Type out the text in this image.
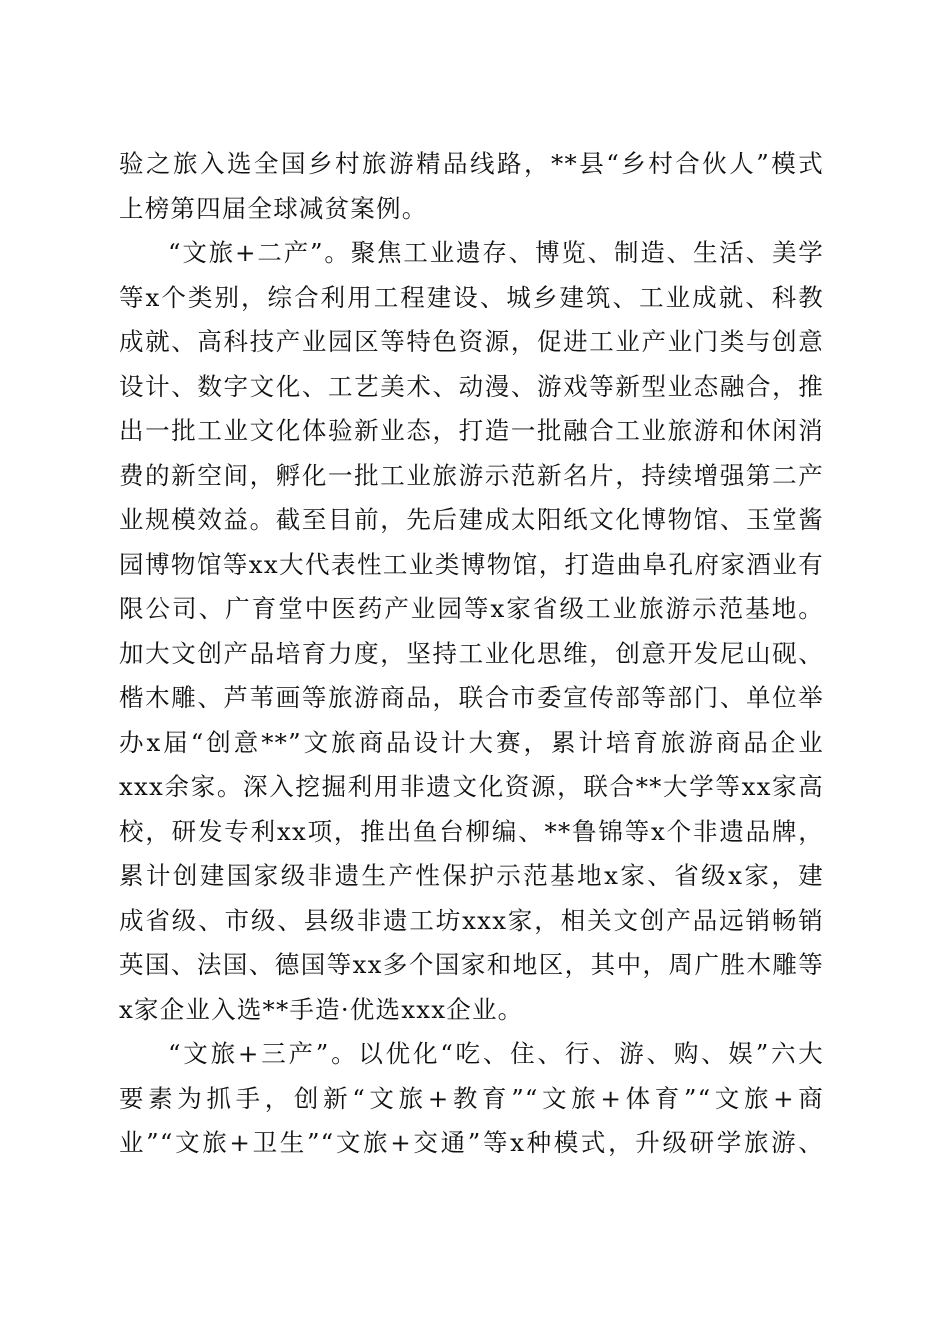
验之旅入选全国乡村旅游精品线路，**县“乡村合伙人”模式
上榜第四届全球减贫案例。
“文旅+二产”。聚焦工业遗存、博览、制造、生活、美学
等x个类别，综合利用工程建设、城乡建筑、工业成就、科教
成就、高科技产业园区等特色资源，促进工业产业门类与创意
设计、数字文化、工艺美术、动漫、游戏等新型业态融合，推
出一批工业文化体验新业态，打造一批融合工业旅游和休闲消
费的新空间，孵化一批工业旅游示范新名片，持续增强第二产
业规模效益。截至目前，先后建成太阳纸文化博物馆、玉堂酱
园博物馆等xx大代表性工业类博物馆，打造曲阜孔府家酒业有
限公司、广育堂中医药产业园等x家省级工业旅游示范基地。
加大文创产品培育力度，坚持工业化思维，创意开发尼山砚、
楷木雕、芦苇画等旅游商品，联合市委宣传部等部门、单位举
办x届“创意**”文旅商品设计大赛，累计培育旅游商品企业
xxx余家。深入挖掘利用非遗文化资源，联合**大学等xx家高
校，研发专利xx项，推出鱼台柳编、**鲁锦等x个非遗品牌，
累计创建国家级非遗生产性保护示范基地x家、省级x家，建
成省级、市级、县级非遗工坊xxx家，相关文创产品远销畅销
英国、法国、德国等xx多个国家和地区，其中，周广胜木雕等
x家企业入选**手造·优选xxx企业。
“文旅+三产”。以优化“吃、住、行、游、购、娱”六大
要素为抓手，创新“文旅+教育”“文旅+体育”“文旅+商
业”“文旅+卫生”“文旅+交通”等x种模式，升级研学旅游、
